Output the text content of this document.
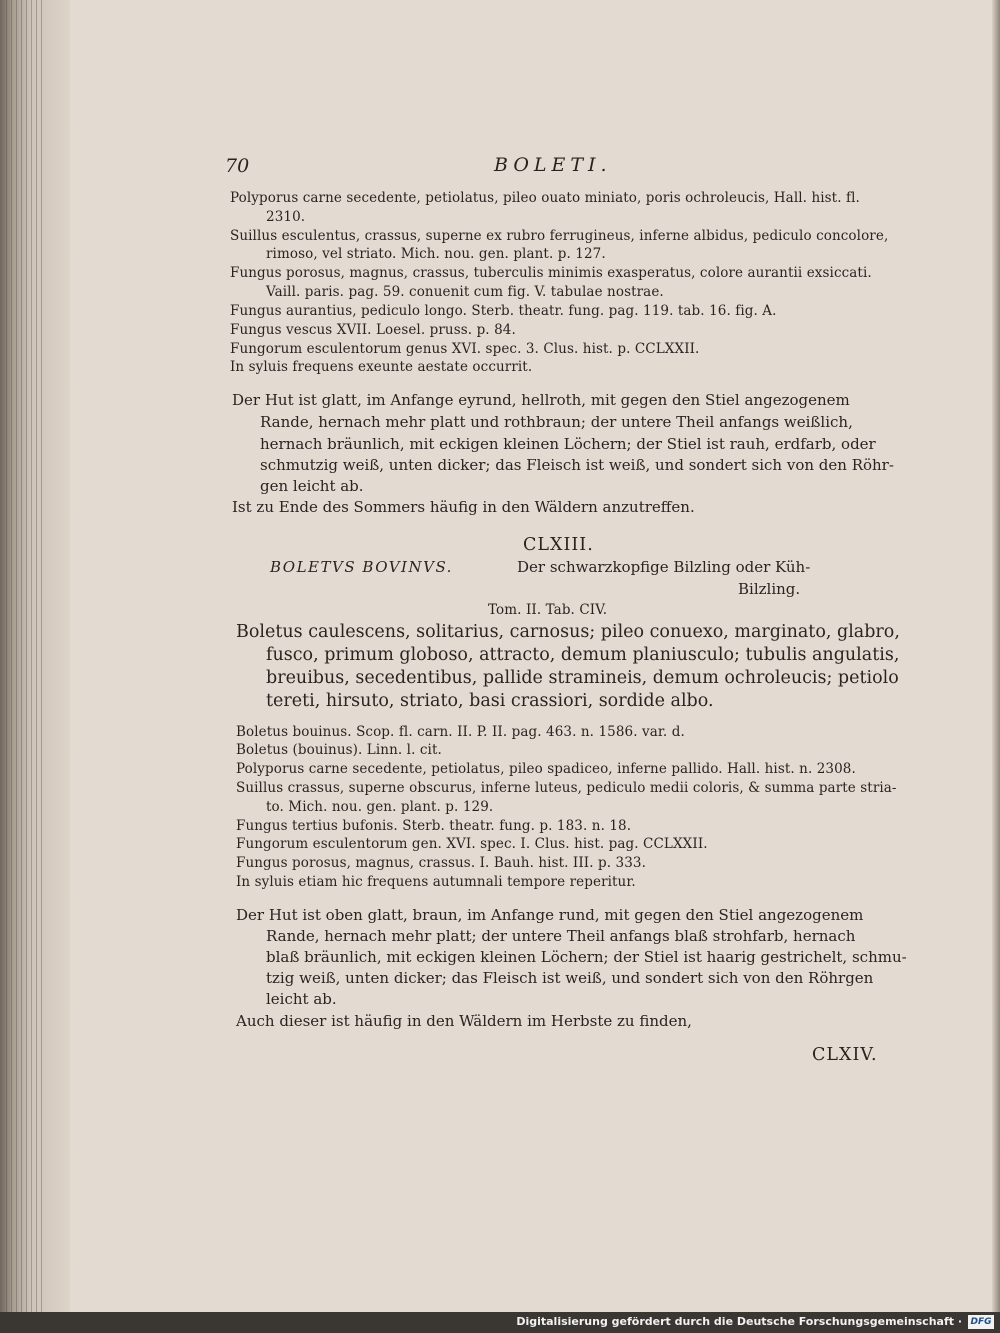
70	BOLETI.
Polyporus carne secedente, petiolatus, pileo ouato miniato, poris ochroleucis, Hall. hist. fl.
2310.
Suillus esculentus, crassus, superne ex rubro ferrugineus, inferne albidus, pediculo concolore,
rimoso, vel striato. Mich. nou. gen. plant. p. 127.
Fungus porosus, magnus, crassus, tuberculis minimis exasperatus, colore aurantii exsiccati.
Vaill. paris. pag. 59. conuenit cum fig. V. tabulae nostrae.
Fungus aurantius, pediculo longo. Sterb. theatr. fung. pag. 119. tab. 16. fig. A.
Fungus vescus XVII. Loesel. pruss. p. 84.
Fungorum esculentorum genus XVI. spec. 3. Clus. hist. p. CCLXXII.
In syluis frequens exeunte aestate occurrit.
Der Hut ist glatt, im Anfange eyrund, hellroth, mit gegen den Stiel angezogenem
Rande, hernach mehr platt und rothbraun; der untere Theil anfangs weißlich,
hernach bräunlich, mit eckigen kleinen Löchern; der Stiel ist rauh, erdfarb, oder
schmutzig weiß, unten dicker; das Fleisch ist weiß, und sondert sich von den Röhr-
gen leicht ab.
Ist zu Ende des Sommers häufig in den Wäldern anzutreffen.
CLXIII.
BOLETVS BOVINVS.	Der schwarzkopfige Bilzling oder Küh-
Bilzling.
Tom. II. Tab. CIV.
Boletus caulescens, solitarius, carnosus; pileo conuexo, marginato, glabro,
fusco, primum globoso, attracto, demum planiusculo; tubulis angulatis,
breuibus, secedentibus, pallide stramineis, demum ochroleucis; petiolo
tereti, hirsuto, striato, basi crassiori, sordide albo.
Boletus bouinus. Scop. fl. carn. II. P. II. pag. 463. n. 1586. var. d.
Boletus (bouinus). Linn. l. cit.
Polyporus carne secedente, petiolatus, pileo spadiceo, inferne pallido. Hall. hist. n. 2308.
Suillus crassus, superne obscurus, inferne luteus, pediculo medii coloris, & summa parte stria-
to. Mich. nou. gen. plant. p. 129.
Fungus tertius bufonis. Sterb. theatr. fung. p. 183. n. 18.
Fungorum esculentorum gen. XVI. spec. I. Clus. hist. pag. CCLXXII.
Fungus porosus, magnus, crassus. I. Bauh. hist. III. p. 333.
In syluis etiam hic frequens autumnali tempore reperitur.
Der Hut ist oben glatt, braun, im Anfange rund, mit gegen den Stiel angezogenem
Rande, hernach mehr platt; der untere Theil anfangs blaß strohfarb, hernach
blaß bräunlich, mit eckigen kleinen Löchern; der Stiel ist haarig gestrichelt, schmu-
tzig weiß, unten dicker; das Fleisch ist weiß, und sondert sich von den Röhrgen
leicht ab.
Auch dieser ist häufig in den Wäldern im Herbste zu finden,
CLXIV.
Digitalisierung gefördert durch die Deutsche Forschungsgemeinschaft · DFG
